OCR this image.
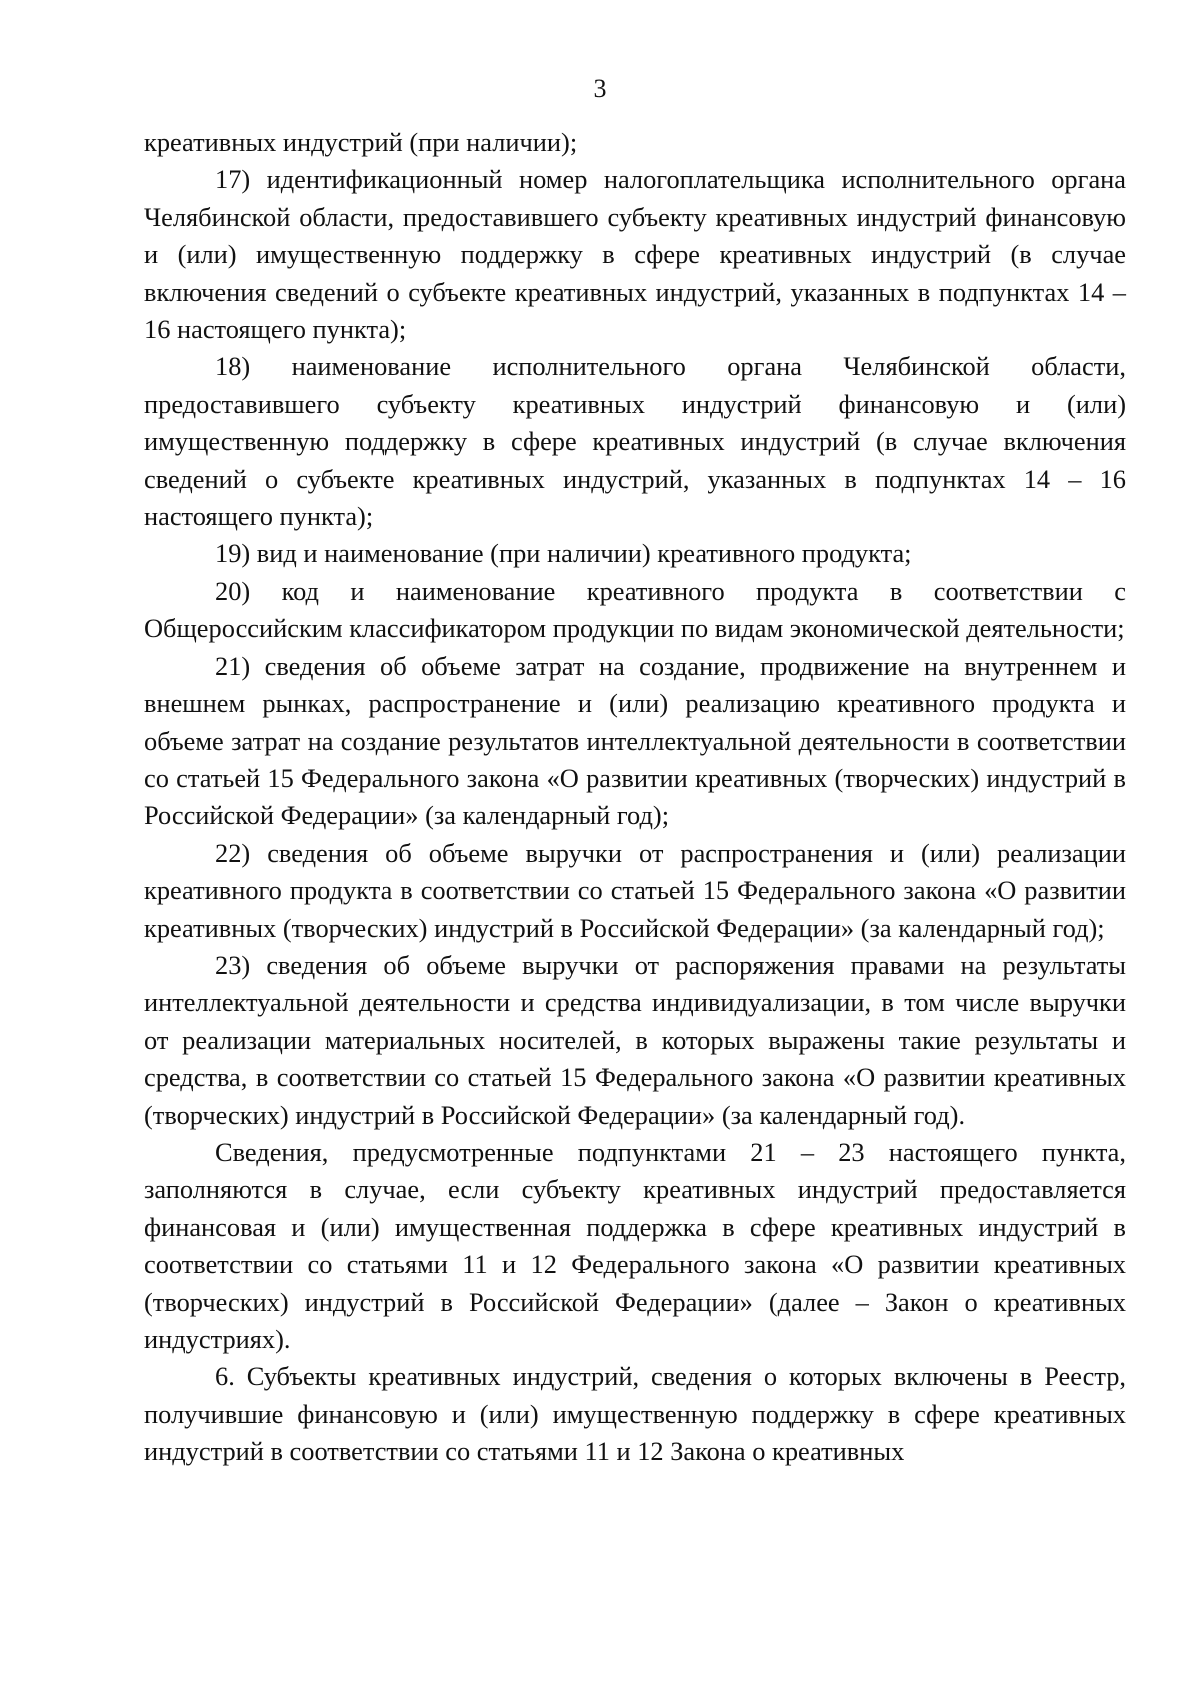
3

креативных индустрий (при наличии);

17) идентификационный номер налогоплательщика исполнительного органа Челябинской области, предоставившего субъекту креативных индустрий финансовую и (или) имущественную поддержку в сфере креативных индустрий (в случае включения сведений о субъекте креативных индустрий, указанных в подпунктах 14 – 16 настоящего пункта);

18) наименование исполнительного органа Челябинской области, предоставившего субъекту креативных индустрий финансовую и (или) имущественную поддержку в сфере креативных индустрий (в случае включения сведений о субъекте креативных индустрий, указанных в подпунктах 14 – 16 настоящего пункта);

19) вид и наименование (при наличии) креативного продукта;

20) код и наименование креативного продукта в соответствии с Общероссийским классификатором продукции по видам экономической деятельности;

21) сведения об объеме затрат на создание, продвижение на внутреннем и внешнем рынках, распространение и (или) реализацию креативного продукта и объеме затрат на создание результатов интеллектуальной деятельности в соответствии со статьей 15 Федерального закона «О развитии креативных (творческих) индустрий в Российской Федерации» (за календарный год);

22) сведения об объеме выручки от распространения и (или) реализации креативного продукта в соответствии со статьей 15 Федерального закона «О развитии креативных (творческих) индустрий в Российской Федерации» (за календарный год);

23) сведения об объеме выручки от распоряжения правами на результаты интеллектуальной деятельности и средства индивидуализации, в том числе выручки от реализации материальных носителей, в которых выражены такие результаты и средства, в соответствии со статьей 15 Федерального закона «О развитии креативных (творческих) индустрий в Российской Федерации» (за календарный год).

Сведения, предусмотренные подпунктами 21 – 23 настоящего пункта, заполняются в случае, если субъекту креативных индустрий предоставляется финансовая и (или) имущественная поддержка в сфере креативных индустрий в соответствии со статьями 11 и 12 Федерального закона «О развитии креативных (творческих) индустрий в Российской Федерации» (далее – Закон о креативных индустриях).

6. Субъекты креативных индустрий, сведения о которых включены в Реестр, получившие финансовую и (или) имущественную поддержку в сфере креативных индустрий в соответствии со статьями 11 и 12 Закона о креативных
